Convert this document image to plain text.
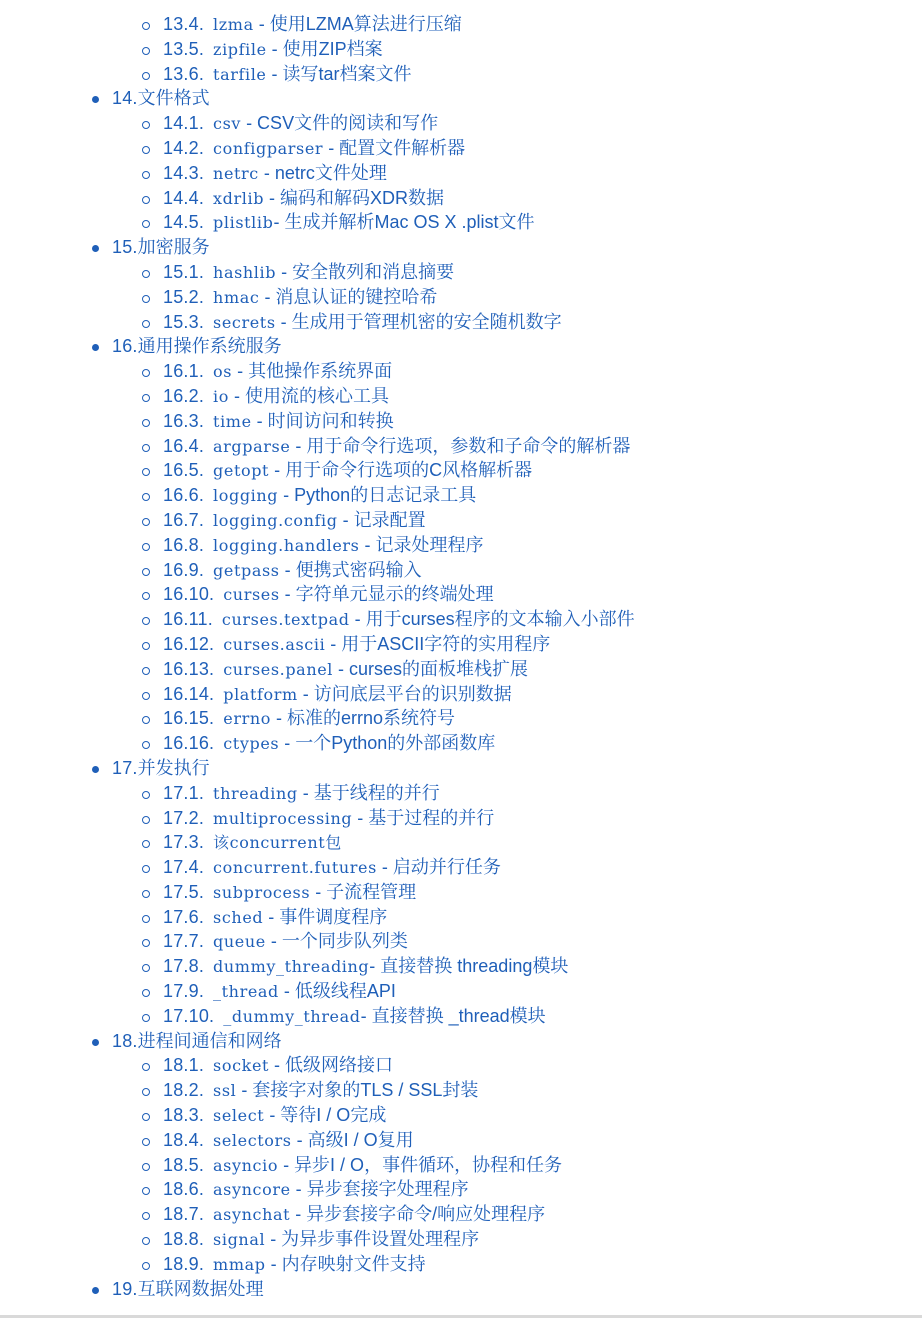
13.4. lzma - 使用LZMA算法进行压缩
13.5. zipfile - 使用ZIP档案
13.6. tarfile - 读写tar档案文件
14.文件格式
14.1. csv - CSV文件的阅读和写作
14.2. configparser - 配置文件解析器
14.3. netrc - netrc文件处理
14.4. xdrlib - 编码和解码XDR数据
14.5. plistlib- 生成并解析Mac OS X .plist文件
15.加密服务
15.1. hashlib - 安全散列和消息摘要
15.2. hmac - 消息认证的键控哈希
15.3. secrets - 生成用于管理机密的安全随机数字
16.通用操作系统服务
16.1. os - 其他操作系统界面
16.2. io - 使用流的核心工具
16.3. time - 时间访问和转换
16.4. argparse - 用于命令行选项，参数和子命令的解析器
16.5. getopt - 用于命令行选项的C风格解析器
16.6. logging - Python的日志记录工具
16.7. logging.config - 记录配置
16.8. logging.handlers - 记录处理程序
16.9. getpass - 便携式密码输入
16.10. curses - 字符单元显示的终端处理
16.11. curses.textpad - 用于curses程序的文本输入小部件
16.12. curses.ascii - 用于ASCII字符的实用程序
16.13. curses.panel - curses的面板堆栈扩展
16.14. platform - 访问底层平台的识别数据
16.15. errno - 标准的errno系统符号
16.16. ctypes - 一个Python的外部函数库
17.并发执行
17.1. threading - 基于线程的并行
17.2. multiprocessing - 基于过程的并行
17.3. 该concurrent包
17.4. concurrent.futures - 启动并行任务
17.5. subprocess - 子流程管理
17.6. sched - 事件调度程序
17.7. queue - 一个同步队列类
17.8. dummy_threading- 直接替换 threading模块
17.9. _thread - 低级线程API
17.10. _dummy_thread- 直接替换 _thread模块
18.进程间通信和网络
18.1. socket - 低级网络接口
18.2. ssl - 套接字对象的TLS / SSL封装
18.3. select - 等待I / O完成
18.4. selectors - 高级I / O复用
18.5. asyncio - 异步I / O，事件循环，协程和任务
18.6. asyncore - 异步套接字处理程序
18.7. asynchat - 异步套接字命令/响应处理程序
18.8. signal - 为异步事件设置处理程序
18.9. mmap - 内存映射文件支持
19.互联网数据处理
